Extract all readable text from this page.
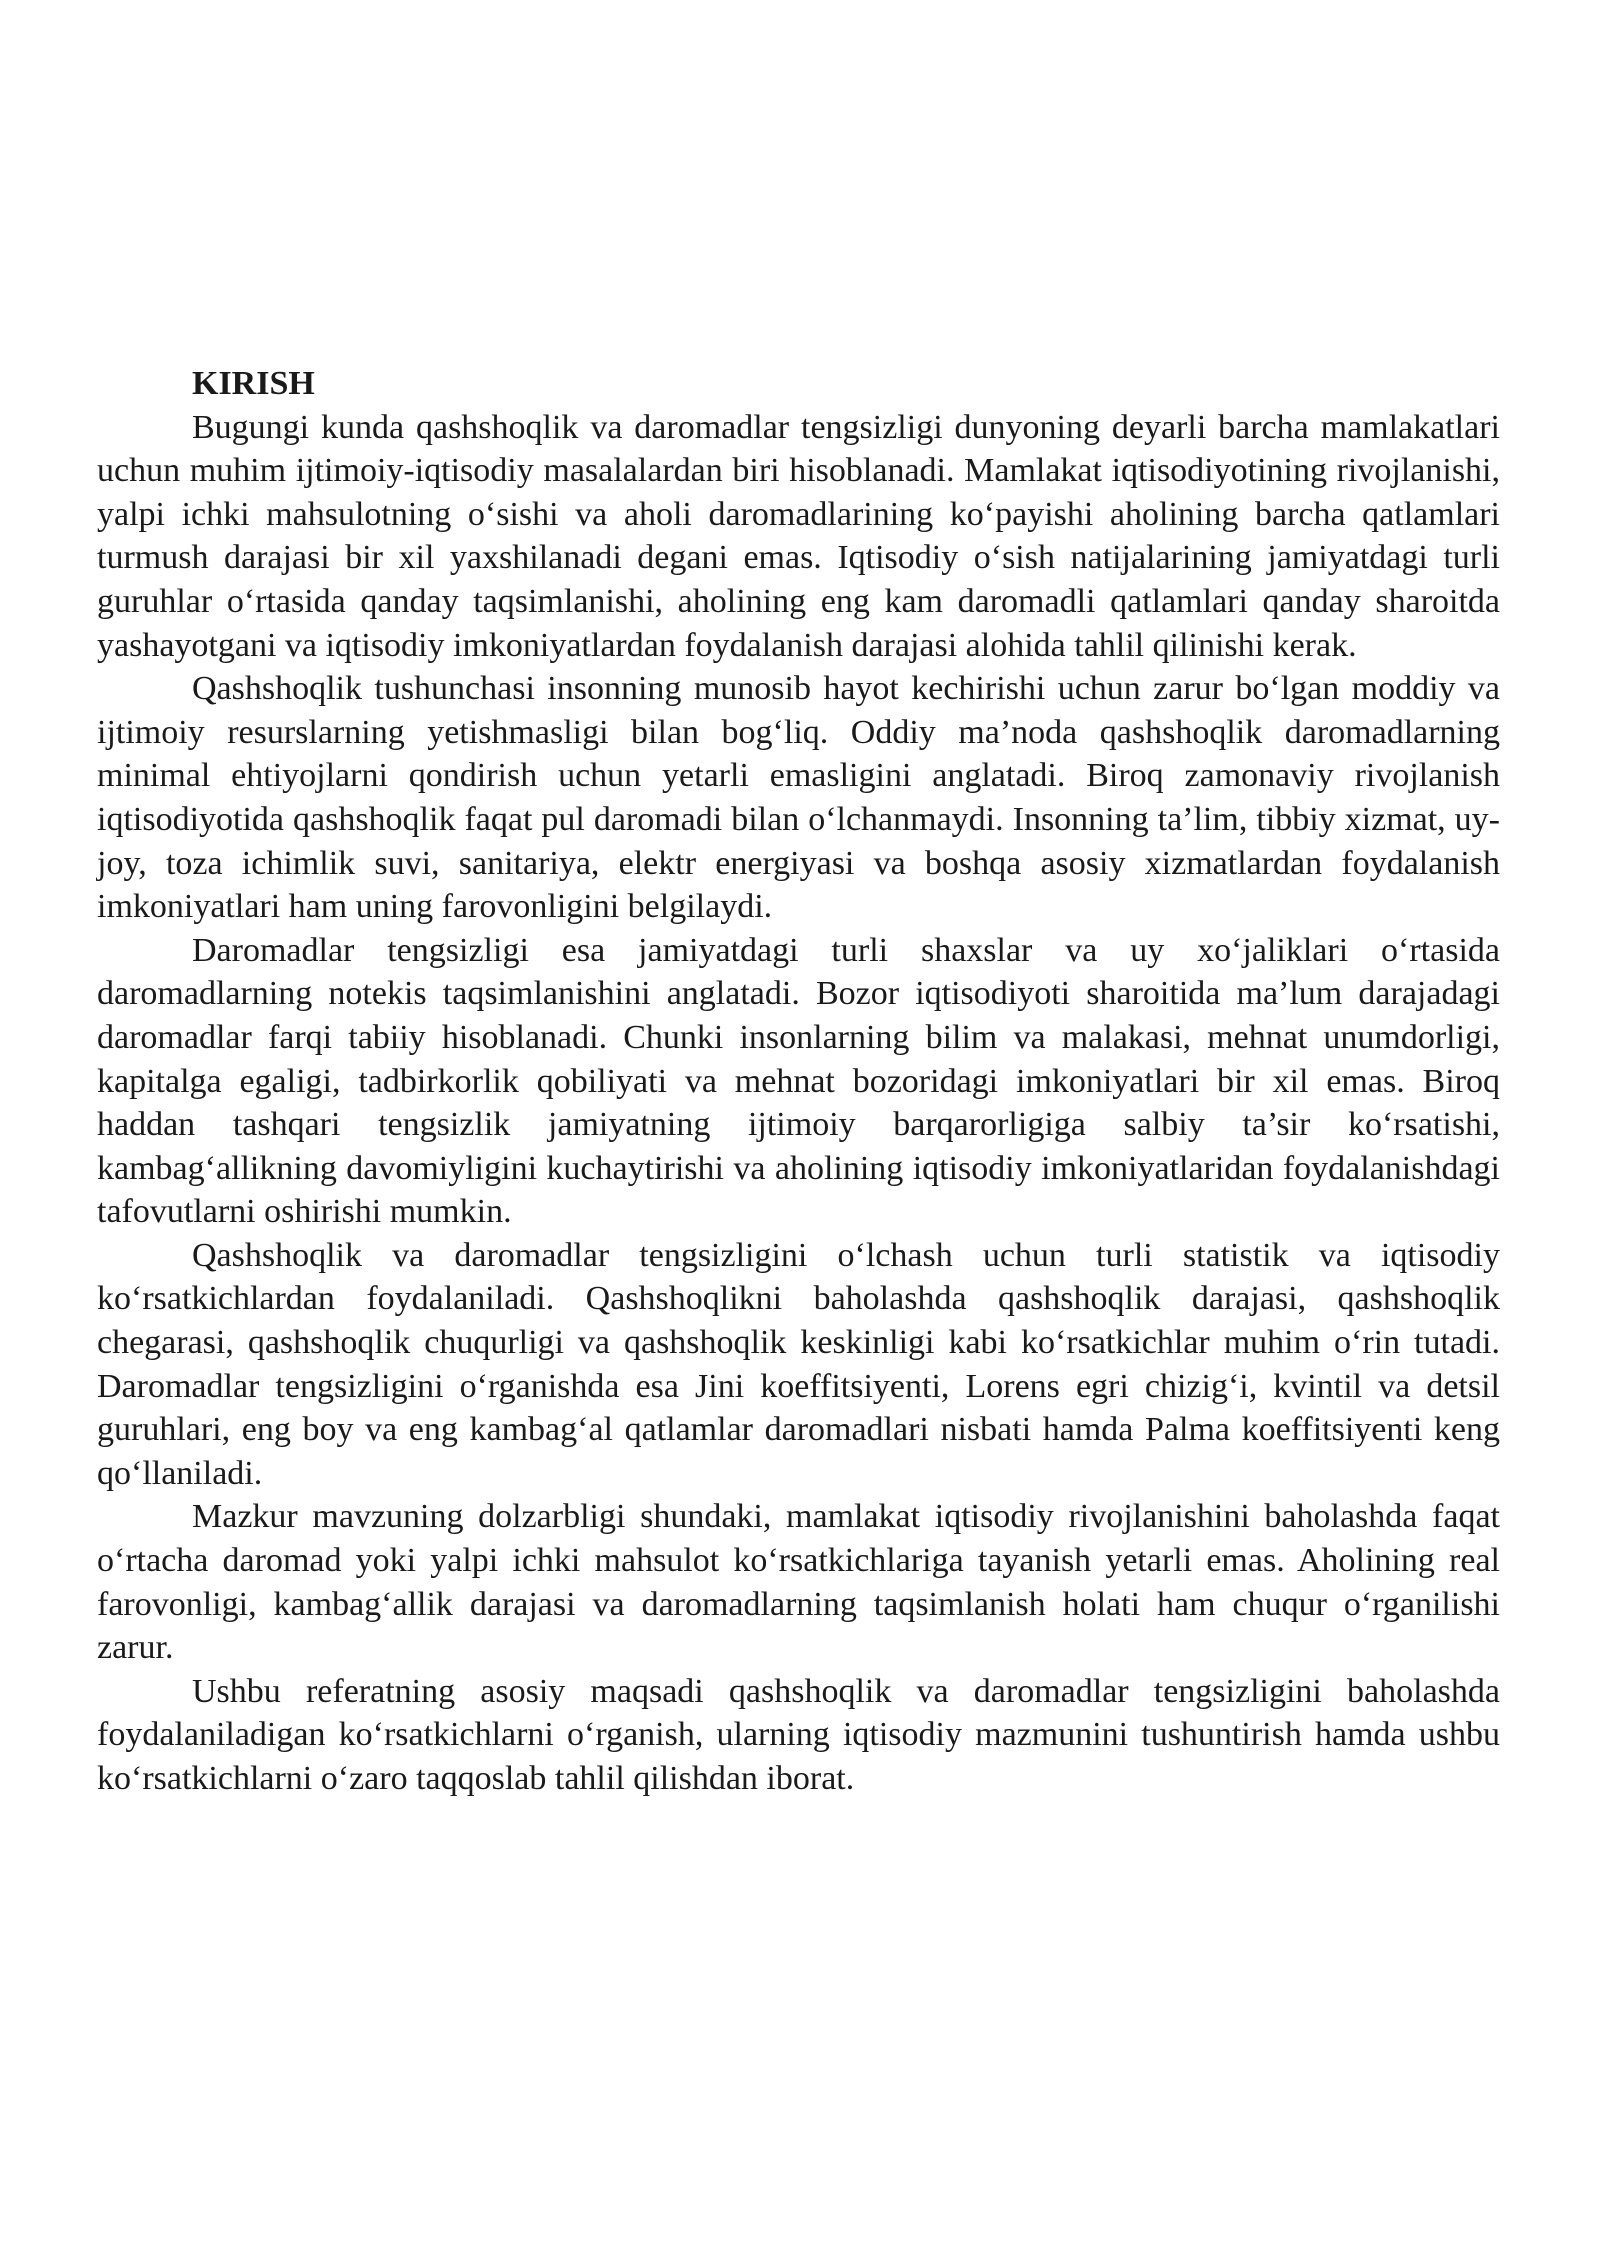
KIRISH

Bugungi kunda qashshoqlik va daromadlar tengsizligi dunyoning deyarli barcha mamlakatlari uchun muhim ijtimoiy-iqtisodiy masalalardan biri hisoblanadi. Mamlakat iqtisodiyotining rivojlanishi, yalpi ichki mahsulotning o‘sishi va aholi daromadlarining ko‘payishi aholining barcha qatlamlari turmush darajasi bir xil yaxshilanadi degani emas. Iqtisodiy o‘sish natijalarining jamiyatdagi turli guruhlar o‘rtasida qanday taqsimlanishi, aholining eng kam daromadli qatlamlari qanday sharoitda yashayotgani va iqtisodiy imkoniyatlardan foydalanish darajasi alohida tahlil qilinishi kerak.

Qashshoqlik tushunchasi insonning munosib hayot kechirishi uchun zarur bo‘lgan moddiy va ijtimoiy resurslarning yetishmasligi bilan bog‘liq. Oddiy ma’noda qashshoqlik daromadlarning minimal ehtiyojlarni qondirish uchun yetarli emasligini anglatadi. Biroq zamonaviy rivojlanish iqtisodiyotida qashshoqlik faqat pul daromadi bilan o‘lchanmaydi. Insonning ta’lim, tibbiy xizmat, uy-joy, toza ichimlik suvi, sanitariya, elektr energiyasi va boshqa asosiy xizmatlardan foydalanish imkoniyatlari ham uning farovonligini belgilaydi.

Daromadlar tengsizligi esa jamiyatdagi turli shaxslar va uy xo‘jaliklari o‘rtasida daromadlarning notekis taqsimlanishini anglatadi. Bozor iqtisodiyoti sharoitida ma’lum darajadagi daromadlar farqi tabiiy hisoblanadi. Chunki insonlarning bilim va malakasi, mehnat unumdorligi, kapitalga egaligi, tadbirkorlik qobiliyati va mehnat bozoridagi imkoniyatlari bir xil emas. Biroq haddan tashqari tengsizlik jamiyatning ijtimoiy barqarorligiga salbiy ta’sir ko‘rsatishi, kambag‘allikning davomiyligini kuchaytirishi va aholining iqtisodiy imkoniyatlaridan foydalanishdagi tafovutlarni oshirishi mumkin.

Qashshoqlik va daromadlar tengsizligini o‘lchash uchun turli statistik va iqtisodiy ko‘rsatkichlardan foydalaniladi. Qashshoqlikni baholashda qashshoqlik darajasi, qashshoqlik chegarasi, qashshoqlik chuqurligi va qashshoqlik keskinligi kabi ko‘rsatkichlar muhim o‘rin tutadi. Daromadlar tengsizligini o‘rganishda esa Jini koeffitsiyenti, Lorens egri chizig‘i, kvintil va detsil guruhlari, eng boy va eng kambag‘al qatlamlar daromadlari nisbati hamda Palma koeffitsiyenti keng qo‘llaniladi.

Mazkur mavzuning dolzarbligi shundaki, mamlakat iqtisodiy rivojlanishini baholashda faqat o‘rtacha daromad yoki yalpi ichki mahsulot ko‘rsatkichlariga tayanish yetarli emas. Aholining real farovonligi, kambag‘allik darajasi va daromadlarning taqsimlanish holati ham chuqur o‘rganilishi zarur.

Ushbu referatning asosiy maqsadi qashshoqlik va daromadlar tengsizligini baholashda foydalaniladigan ko‘rsatkichlarni o‘rganish, ularning iqtisodiy mazmunini tushuntirish hamda ushbu ko‘rsatkichlarni o‘zaro taqqoslab tahlil qilishdan iborat.
